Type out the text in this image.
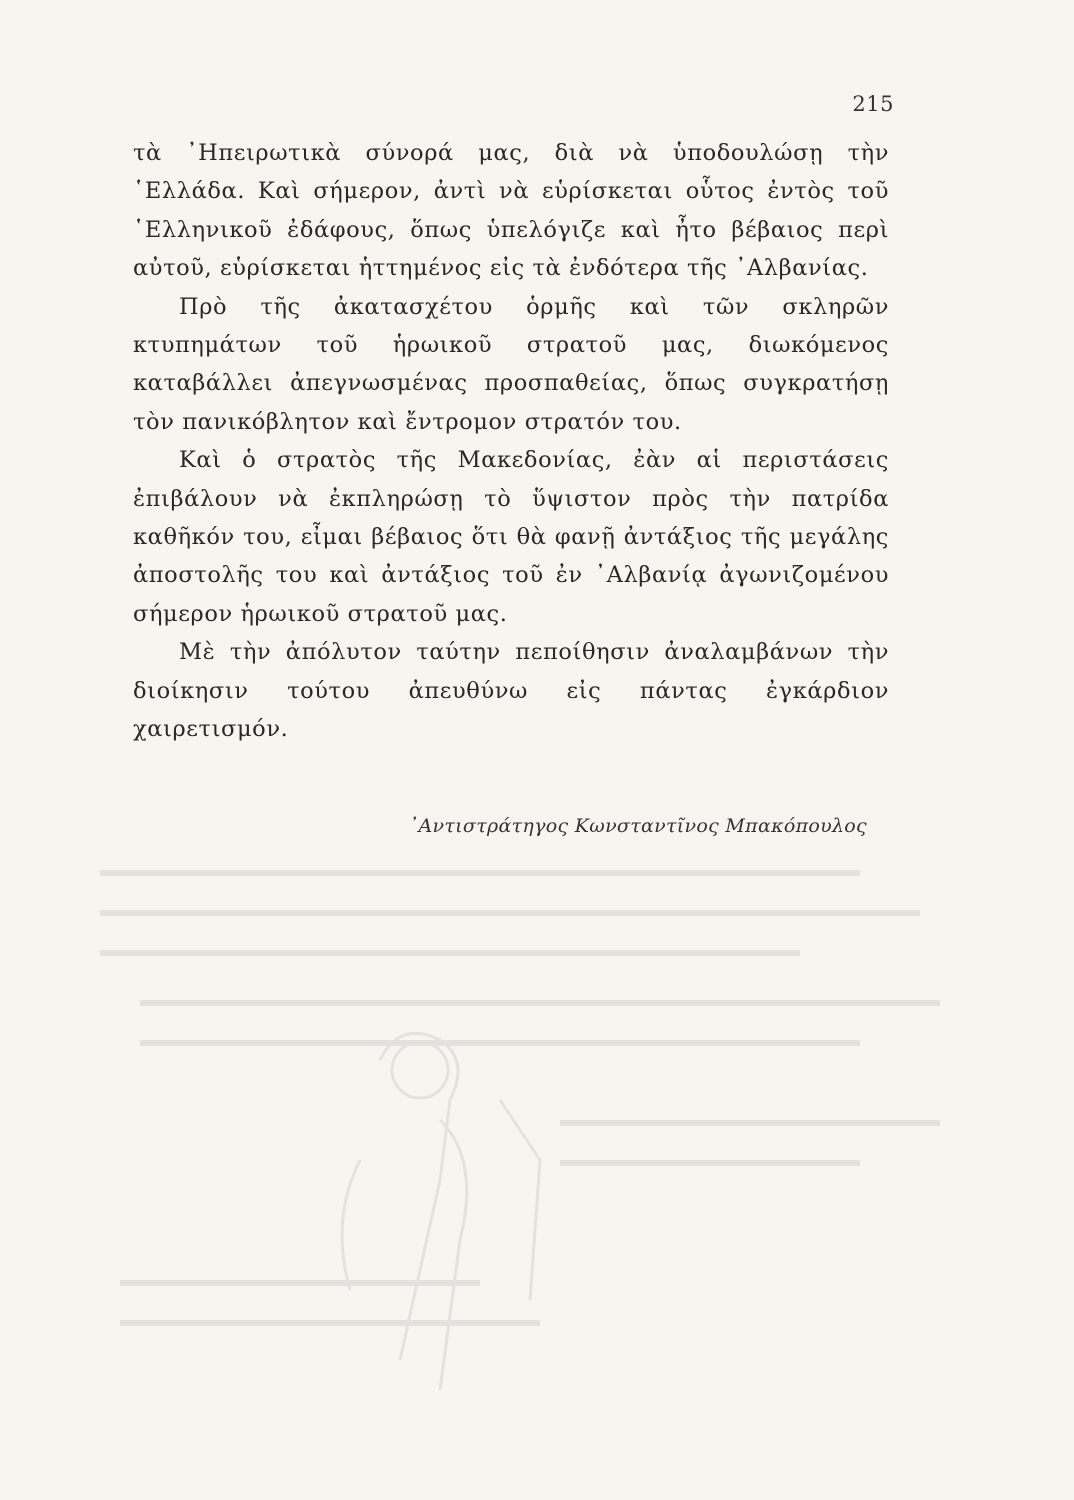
215

τὰ ᾿Ηπειρωτικὰ σύνορά μας, διὰ νὰ ὑποδουλώσῃ τὴν ῾Ελλάδα. Καὶ σήμερον, ἀντὶ νὰ εὑρίσκεται οὗτος ἐντὸς τοῦ ῾Ελληνικοῦ ἐδάφους, ὅπως ὑπελόγιζε καὶ ἦτο βέβαιος περὶ αὐτοῦ, εὑρίσκεται ἡττημένος εἰς τὰ ἐνδότερα τῆς ᾿Αλβανίας.

Πρὸ τῆς ἀκατασχέτου ὁρμῆς καὶ τῶν σκληρῶν κτυπημάτων τοῦ ἡρωικοῦ στρατοῦ μας, διωκόμενος καταβάλλει ἀπεγνωσμένας προσπαθείας, ὅπως συγκρατήσῃ τὸν πανικόβλητον καὶ ἔντρομον στρατόν του.

Καὶ ὁ στρατὸς τῆς Μακεδονίας, ἐὰν αἱ περιστάσεις ἐπιβάλουν νὰ ἐκπληρώσῃ τὸ ὕψιστον πρὸς τὴν πατρίδα καθῆκόν του, εἶμαι βέβαιος ὅτι θὰ φανῇ ἀντάξιος τῆς μεγάλης ἀποστολῆς του καὶ ἀντάξιος τοῦ ἐν ᾿Αλβανίᾳ ἀγωνιζομένου σήμερον ἡρωικοῦ στρατοῦ μας.

Μὲ τὴν ἀπόλυτον ταύτην πεποίθησιν ἀναλαμβάνων τὴν διοίκησιν τούτου ἀπευθύνω εἰς πάντας ἐγκάρδιον χαιρετισμόν.

᾿Αντιστράτηγος Κωνσταντῖνος Μπακόπουλος
